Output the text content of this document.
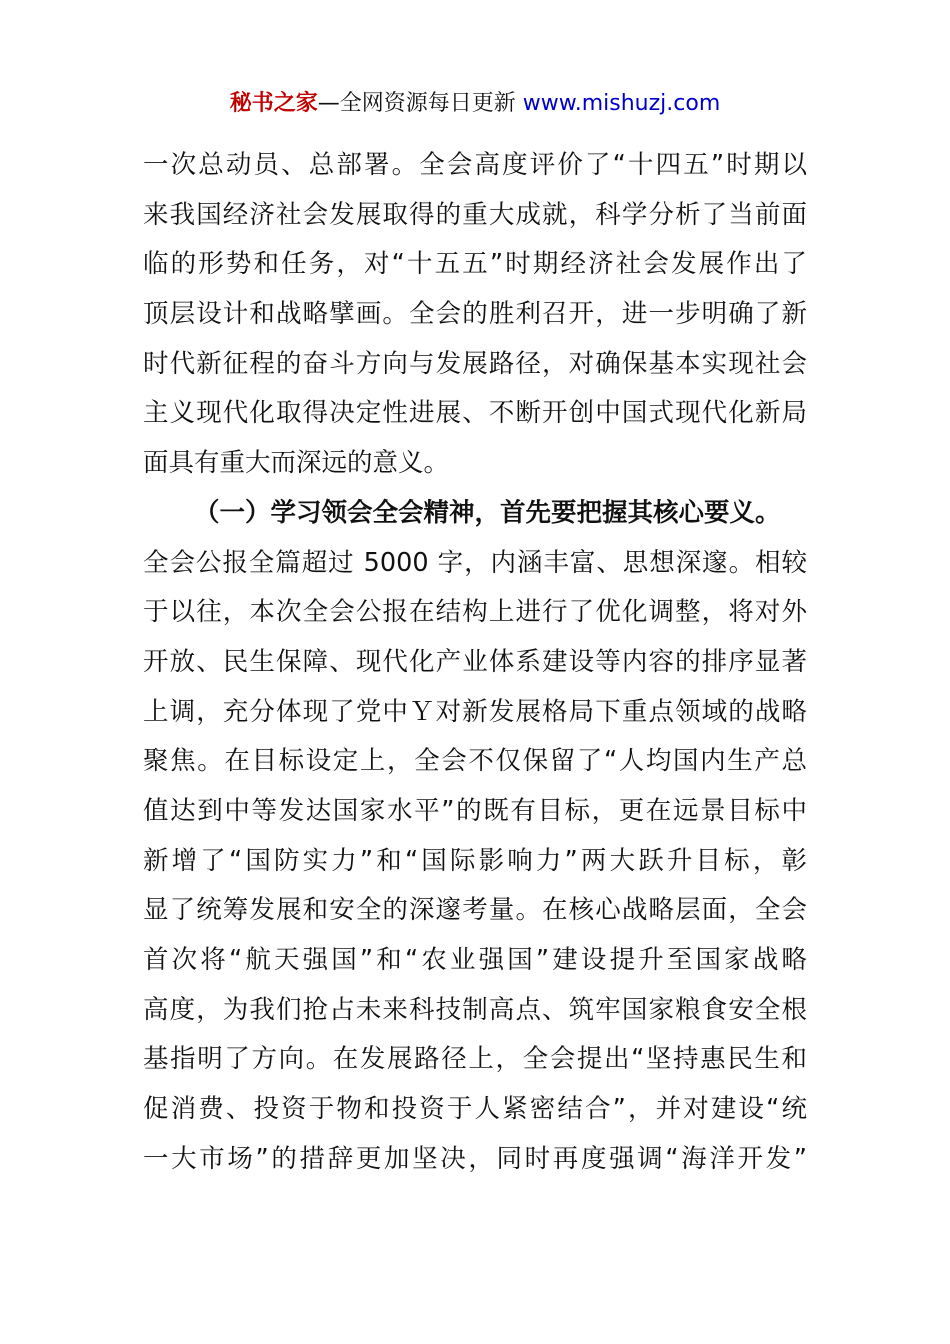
秘书之家—全网资源每日更新 www.mishuzj.com
一次总动员、总部署。全会高度评价了“十四五”时期以
来我国经济社会发展取得的重大成就，科学分析了当前面
临的形势和任务，对“十五五”时期经济社会发展作出了
顶层设计和战略擘画。全会的胜利召开，进一步明确了新
时代新征程的奋斗方向与发展路径，对确保基本实现社会
主义现代化取得决定性进展、不断开创中国式现代化新局
面具有重大而深远的意义。
（一）学习领会全会精神，首先要把握其核心要义。
全会公报全篇超过 5000 字，内涵丰富、思想深邃。相较
于以往，本次全会公报在结构上进行了优化调整，将对外
开放、民生保障、现代化产业体系建设等内容的排序显著
上调，充分体现了党中Ｙ对新发展格局下重点领域的战略
聚焦。在目标设定上，全会不仅保留了“人均国内生产总
值达到中等发达国家水平”的既有目标，更在远景目标中
新增了“国防实力”和“国际影响力”两大跃升目标，彰
显了统筹发展和安全的深邃考量。在核心战略层面，全会
首次将“航天强国”和“农业强国”建设提升至国家战略
高度，为我们抢占未来科技制高点、筑牢国家粮食安全根
基指明了方向。在发展路径上，全会提出“坚持惠民生和
促消费、投资于物和投资于人紧密结合”，并对建设“统
一大市场”的措辞更加坚决，同时再度强调“海洋开发”
